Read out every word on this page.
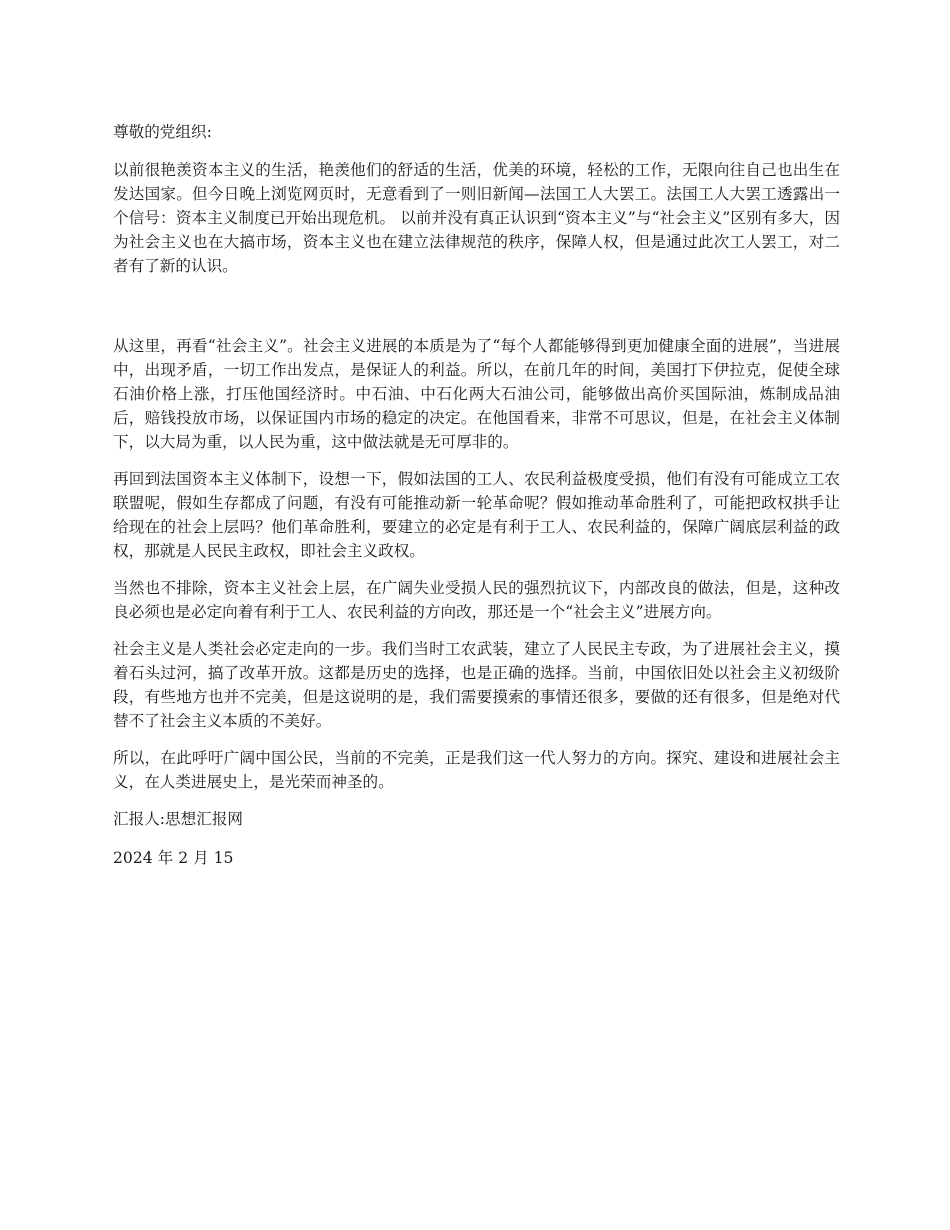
尊敬的党组织:

以前很艳羡资本主义的生活，艳羡他们的舒适的生活，优美的环境，轻松的工作，无限向往自己也出生在发达国家。但今日晚上浏览网页时，无意看到了一则旧新闻—法国工人大罢工。法国工人大罢工透露出一个信号：资本主义制度已开始出现危机。 以前并没有真正认识到“资本主义”与“社会主义”区别有多大，因为社会主义也在大搞市场，资本主义也在建立法律规范的秩序，保障人权，但是通过此次工人罢工，对二者有了新的认识。

从这里，再看“社会主义”。社会主义进展的本质是为了“每个人都能够得到更加健康全面的进展”，当进展中，出现矛盾，一切工作出发点，是保证人的利益。所以，在前几年的时间，美国打下伊拉克，促使全球石油价格上涨，打压他国经济时。中石油、中石化两大石油公司，能够做出高价买国际油，炼制成品油后，赔钱投放市场，以保证国内市场的稳定的决定。在他国看来，非常不可思议，但是，在社会主义体制下，以大局为重，以人民为重，这中做法就是无可厚非的。

再回到法国资本主义体制下，设想一下，假如法国的工人、农民利益极度受损，他们有没有可能成立工农联盟呢，假如生存都成了问题，有没有可能推动新一轮革命呢？假如推动革命胜利了，可能把政权拱手让给现在的社会上层吗？他们革命胜利，要建立的必定是有利于工人、农民利益的，保障广阔底层利益的政权，那就是人民民主政权，即社会主义政权。

当然也不排除，资本主义社会上层，在广阔失业受损人民的强烈抗议下，内部改良的做法，但是，这种改良必须也是必定向着有利于工人、农民利益的方向改，那还是一个“社会主义”进展方向。

社会主义是人类社会必定走向的一步。我们当时工农武装，建立了人民民主专政，为了进展社会主义，摸着石头过河，搞了改革开放。这都是历史的选择，也是正确的选择。当前，中国依旧处以社会主义初级阶段，有些地方也并不完美，但是这说明的是，我们需要摸索的事情还很多，要做的还有很多，但是绝对代替不了社会主义本质的不美好。

所以，在此呼吁广阔中国公民，当前的不完美，正是我们这一代人努力的方向。探究、建设和进展社会主义，在人类进展史上，是光荣而神圣的。

汇报人:思想汇报网

2024 年 2 月 15
